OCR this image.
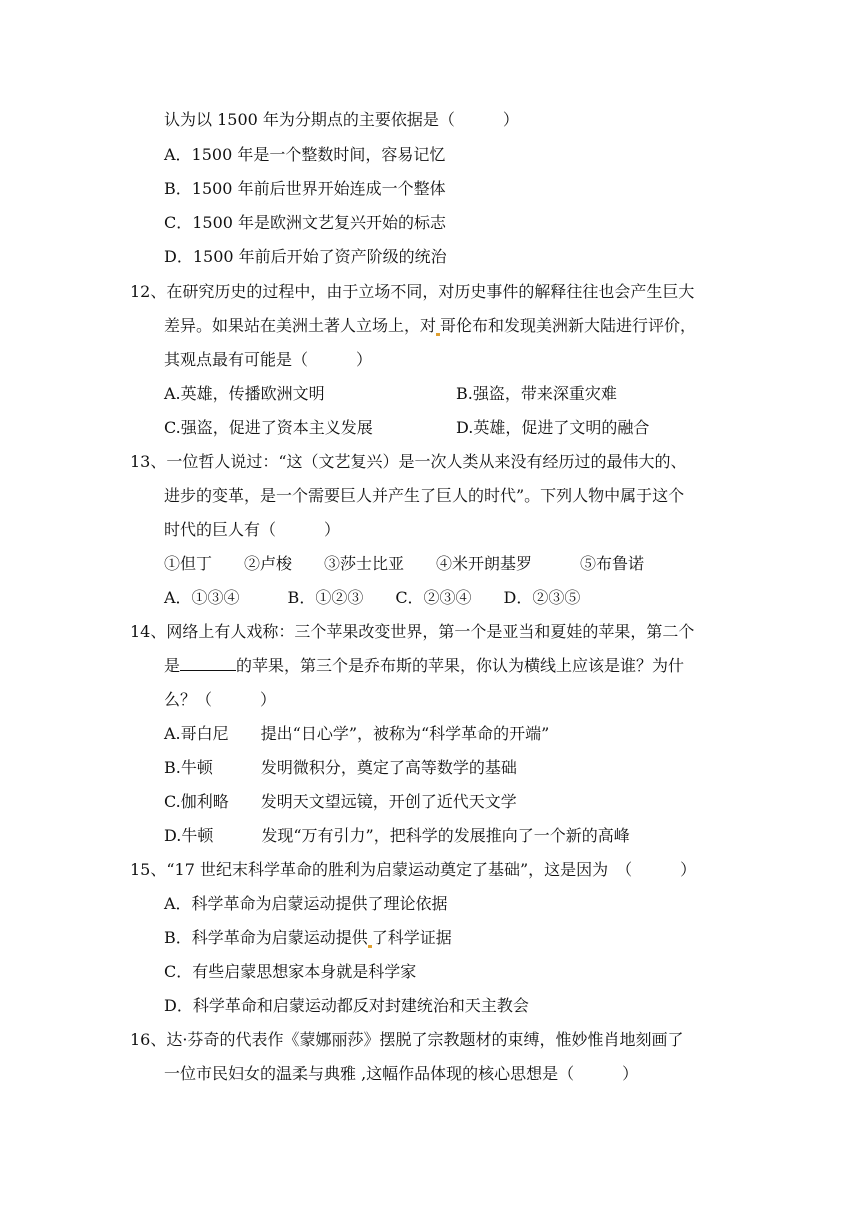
认为以 1500 年为分期点的主要依据是（　　　）
A．1500 年是一个整数时间，容易记忆
B．1500 年前后世界开始连成一个整体
C．1500 年是欧洲文艺复兴开始的标志
D．1500 年前后开始了资产阶级的统治
12、在研究历史的过程中，由于立场不同，对历史事件的解释往往也会产生巨大
差异。如果站在美洲土著人立场上，对 哥伦布和发现美洲新大陆进行评价，
其观点最有可能是（　　　）
A.英雄，传播欧洲文明	B.强盗，带来深重灾难
C.强盗，促进了资本主义发展	D.英雄，促进了文明的融合
13、一位哲人说过：“这（文艺复兴）是一次人类从来没有经历过的最伟大的、
进步的变革，是一个需要巨人并产生了巨人的时代”。下列人物中属于这个
时代的巨人有（　　　）
①但丁　　②卢梭　　③莎士比亚　　④米开朗基罗　　　⑤布鲁诺
A．①③④　　　B．①②③　　C．②③④　　D．②③⑤
14、网络上有人戏称：三个苹果改变世界，第一个是亚当和夏娃的苹果，第二个
是	的苹果，第三个是乔布斯的苹果，你认为横线上应该是谁？为什
么？（　　　）
A.哥白尼　　提出“日心学”，被称为“科学革命的开端”
B.牛顿　　　发明微积分，奠定了高等数学的基础
C.伽利略　　发明天文望远镜，开创了近代天文学
D.牛顿　　　发现“万有引力”，把科学的发展推向了一个新的高峰
15、“17 世纪末科学革命的胜利为启蒙运动奠定了基础”，这是因为　（　　　）
A．科学革命为启蒙运动提供了理论依据
B．科学革命为启蒙运动提供 了科学证据
C．有些启蒙思想家本身就是科学家
D．科学革命和启蒙运动都反对封建统治和天主教会
16、达·芬奇的代表作《蒙娜丽莎》摆脱了宗教题材的束缚，惟妙惟肖地刻画了
一位市民妇女的温柔与典雅 ,这幅作品体现的核心思想是（　　　）
